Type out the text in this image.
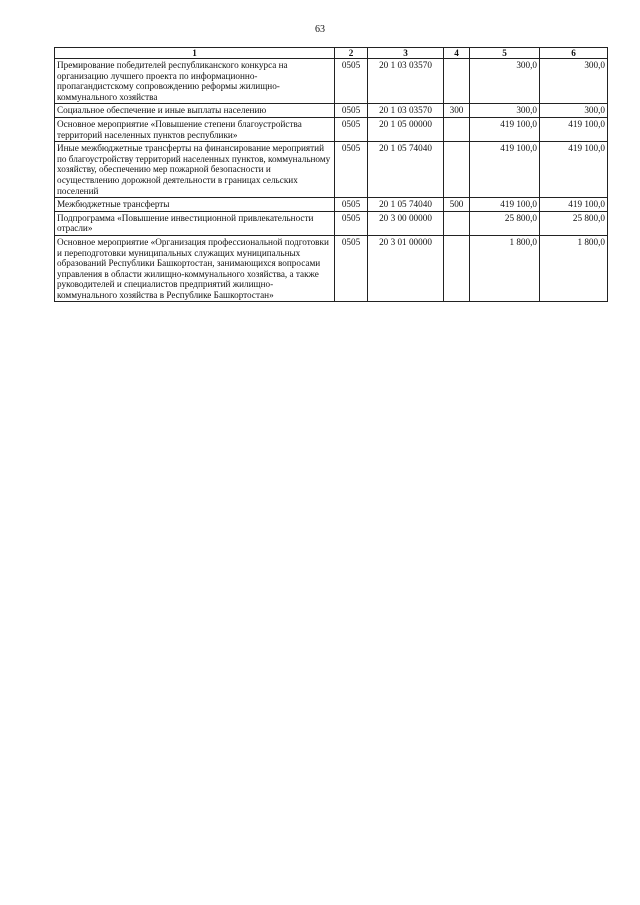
63
1	2	3	4	5	6
Премирование победителей республиканского конкурса на организацию лучшего проекта по информационно-пропагандистскому сопровождению реформы жилищно-коммунального хозяйства	0505	20 1 03 03570		300,0	300,0
Социальное обеспечение и иные выплаты населению	0505	20 1 03 03570	300	300,0	300,0
Основное мероприятие «Повышение степени благоустройства территорий населенных пунктов республики»	0505	20 1 05 00000		419 100,0	419 100,0
Иные межбюджетные трансферты на финансирование мероприятий по благоустройству территорий населенных пунктов, коммунальному хозяйству, обеспечению мер пожарной безопасности и осуществлению дорожной деятельности в границах сельских поселений	0505	20 1 05 74040		419 100,0	419 100,0
Межбюджетные трансферты	0505	20 1 05 74040	500	419 100,0	419 100,0
Подпрограмма «Повышение инвестиционной привлекательности отрасли»	0505	20 3 00 00000		25 800,0	25 800,0
Основное мероприятие «Организация профессиональной подготовки и переподготовки муниципальных служащих муниципальных образований Республики Башкортостан, занимающихся вопросами управления в области жилищно-коммунального хозяйства, а также руководителей и специалистов предприятий жилищно-коммунального хозяйства в Республике Башкортостан»	0505	20 3 01 00000		1 800,0	1 800,0
